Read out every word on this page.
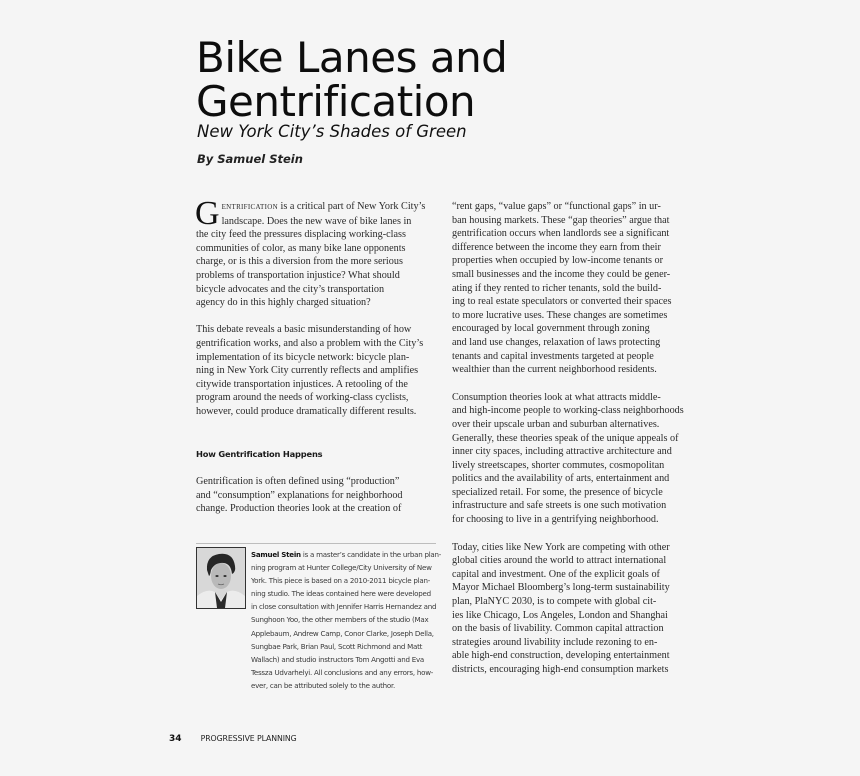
Bike Lanes and
Gentrification

New York City’s Shades of Green

By Samuel Stein

G entrification is a critical part of New York City’s

landscape. Does the new wave of bike lanes in

the city feed the pressures displacing working-class

communities of color, as many bike lane opponents

charge, or is this a diversion from the more serious

problems of transportation injustice? What should

bicycle advocates and the city’s transportation

agency do in this highly charged situation?

This debate reveals a basic misunderstanding of how

gentrification works, and also a problem with the City’s

implementation of its bicycle network: bicycle plan-

ning in New York City currently reflects and amplifies

citywide transportation injustices. A retooling of the

program around the needs of working-class cyclists,

however, could produce dramatically different results.

How Gentrification Happens

Gentrification is often defined using “production”

and “consumption” explanations for neighborhood

change. Production theories look at the creation of

Samuel Stein is a master’s candidate in the urban plan-

ning program at Hunter College/City University of New

York. This piece is based on a 2010-2011 bicycle plan-

ning studio. The ideas contained here were developed

in close consultation with Jennifer Harris Hernandez and

Sunghoon Yoo, the other members of the studio (Max

Applebaum, Andrew Camp, Conor Clarke, Joseph Della,

Sungbae Park, Brian Paul, Scott Richmond and Matt

Wallach) and studio instructors Tom Angotti and Eva

Tessza Udvarhelyi. All conclusions and any errors, how-

ever, can be attributed solely to the author.

“rent gaps, “value gaps” or “functional gaps” in ur-

ban housing markets. These “gap theories” argue that

gentrification occurs when landlords see a significant

difference between the income they earn from their

properties when occupied by low-income tenants or

small businesses and the income they could be gener-

ating if they rented to richer tenants, sold the build-

ing to real estate speculators or converted their spaces

to more lucrative uses. These changes are sometimes

encouraged by local government through zoning

and land use changes, relaxation of laws protecting

tenants and capital investments targeted at people

wealthier than the current neighborhood residents.

Consumption theories look at what attracts middle-

and high-income people to working-class neighborhoods

over their upscale urban and suburban alternatives.

Generally, these theories speak of the unique appeals of

inner city spaces, including attractive architecture and

lively streetscapes, shorter commutes, cosmopolitan

politics and the availability of arts, entertainment and

specialized retail. For some, the presence of bicycle

infrastructure and safe streets is one such motivation

for choosing to live in a gentrifying neighborhood.

Today, cities like New York are competing with other

global cities around the world to attract international

capital and investment. One of the explicit goals of

Mayor Michael Bloomberg’s long-term sustainability

plan, PlaNYC 2030, is to compete with global cit-

ies like Chicago, Los Angeles, London and Shanghai

on the basis of livability. Common capital attraction

strategies around livability include rezoning to en-

able high-end construction, developing entertainment

districts, encouraging high-end consumption markets

34 PROGRESSIVE PLANNING
